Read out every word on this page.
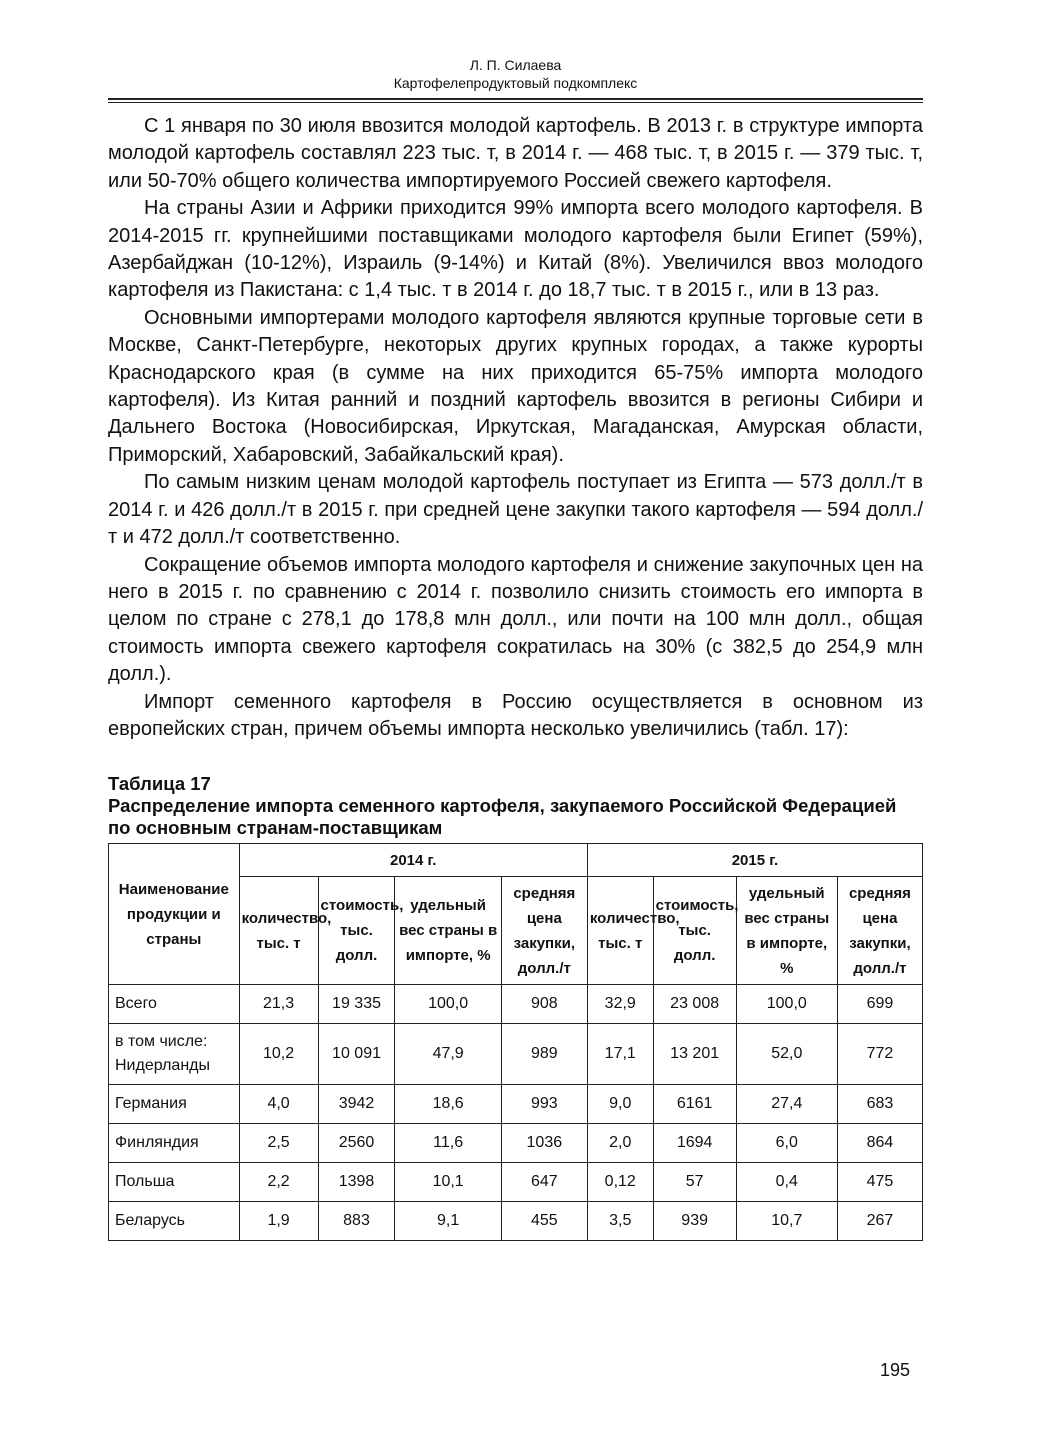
Л. П. Силаева
Картофелепродуктовый подкомплекс

С 1 января по 30 июля ввозится молодой картофель. В 2013 г. в структуре импорта молодой картофель составлял 223 тыс. т, в 2014 г. — 468 тыс. т, в 2015 г. — 379 тыс. т, или 50-70% общего количества импортируемого Россией свежего картофеля.

На страны Азии и Африки приходится 99% импорта всего молодого картофеля. В 2014-2015 гг. крупнейшими поставщиками молодого картофеля были Египет (59%), Азербайджан (10-12%), Израиль (9-14%) и Китай (8%). Увеличился ввоз молодого картофеля из Пакистана: с 1,4 тыс. т в 2014 г. до 18,7 тыс. т в 2015 г., или в 13 раз.

Основными импортерами молодого картофеля являются крупные торговые сети в Москве, Санкт-Петербурге, некоторых других крупных городах, а также курорты Краснодарского края (в сумме на них приходится 65-75% импорта молодого картофеля). Из Китая ранний и поздний картофель ввозится в регионы Сибири и Дальнего Востока (Новосибирская, Иркутская, Магаданская, Амурская области, Приморский, Хабаровский, Забайкальский края).

По самым низким ценам молодой картофель поступает из Египта — 573 долл./т в 2014 г. и 426 долл./т в 2015 г. при средней цене закупки такого картофеля — 594 долл./т и 472 долл./т соответственно.

Сокращение объемов импорта молодого картофеля и снижение закупочных цен на него в 2015 г. по сравнению с 2014 г. позволило снизить стоимость его импорта в целом по стране с 278,1 до 178,8 млн долл., или почти на 100 млн долл., общая стоимость импорта свежего картофеля сократилась на 30% (с 382,5 до 254,9 млн долл.).

Импорт семенного картофеля в Россию осуществляется в основном из европейских стран, причем объемы импорта несколько увеличились (табл. 17):

Таблица 17
Распределение импорта семенного картофеля, закупаемого Российской Федерацией по основным странам-поставщикам
Наименование продукции и страны	2014 г.				2015 г.			
	количество, тыс. т	стоимость, тыс. долл.	удельный вес страны в импорте, %	средняя цена закупки, долл./т	количество, тыс. т	стоимость, тыс. долл.	удельный вес страны в импорте, %	средняя цена закупки, долл./т
Всего	21,3	19 335	100,0	908	32,9	23 008	100,0	699
в том числе: Нидерланды	10,2	10 091	47,9	989	17,1	13 201	52,0	772
Германия	4,0	3942	18,6	993	9,0	6161	27,4	683
Финляндия	2,5	2560	11,6	1036	2,0	1694	6,0	864
Польша	2,2	1398	10,1	647	0,12	57	0,4	475
Беларусь	1,9	883	9,1	455	3,5	939	10,7	267
195
